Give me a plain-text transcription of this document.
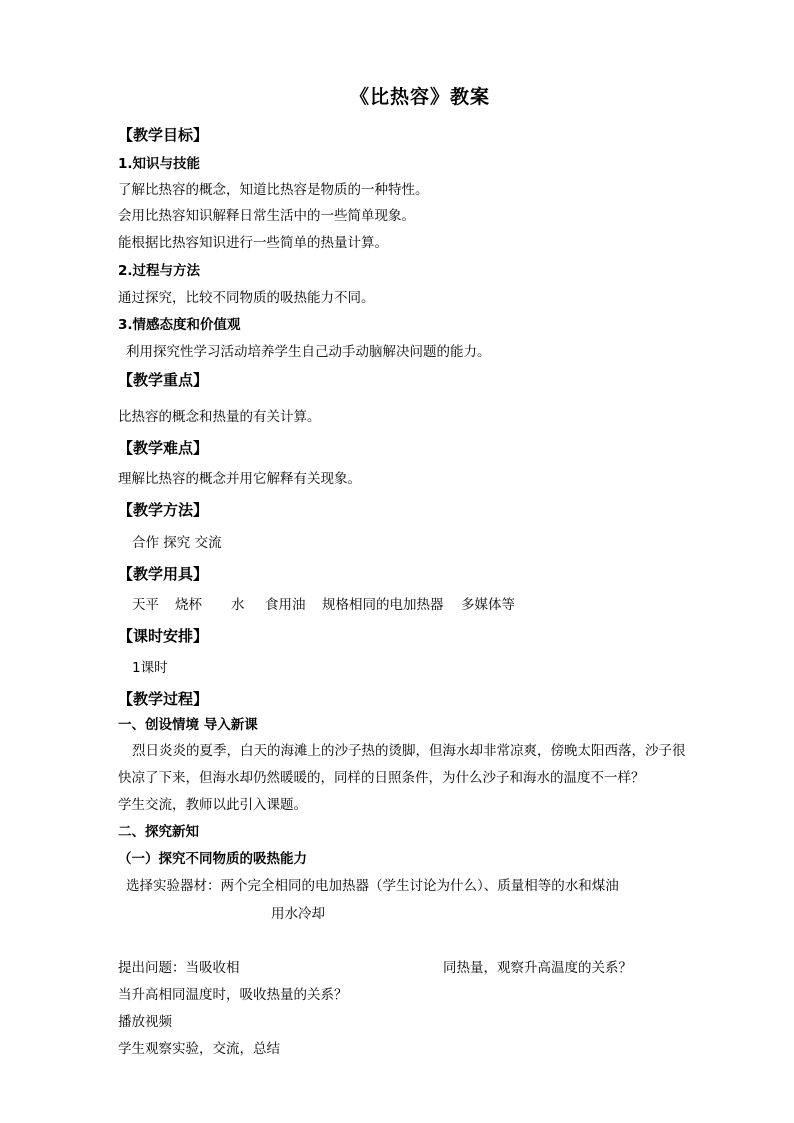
《比热容》教案
【教学目标】
1.知识与技能
了解比热容的概念，知道比热容是物质的一种特性。
会用比热容知识解释日常生活中的一些简单现象。
能根据比热容知识进行一些简单的热量计算。
2.过程与方法
通过探究，比较不同物质的吸热能力不同。
3.情感态度和价值观
利用探究性学习活动培养学生自己动手动脑解决问题的能力。
【教学重点】
比热容的概念和热量的有关计算。
【教学难点】
理解比热容的概念并用它解释有关现象。
【教学方法】
合作 探究 交流
【教学用具】
天平 烧杯 水 食用油 规格相同的电加热器 多媒体等
【课时安排】
1课时
【教学过程】
一、创设情境 导入新课
烈日炎炎的夏季，白天的海滩上的沙子热的烫脚，但海水却非常凉爽，傍晚太阳西落，沙子很
快凉了下来，但海水却仍然暖暖的，同样的日照条件，为什么沙子和海水的温度不一样？
学生交流，教师以此引入课题。
二、探究新知
（一）探究不同物质的吸热能力
选择实验器材：两个完全相同的电加热器（学生讨论为什么）、质量相等的水和煤油
用水冷却
提出问题：当吸收相	同热量，观察升高温度的关系？
当升高相同温度时，吸收热量的关系？
播放视频
学生观察实验，交流，总结
